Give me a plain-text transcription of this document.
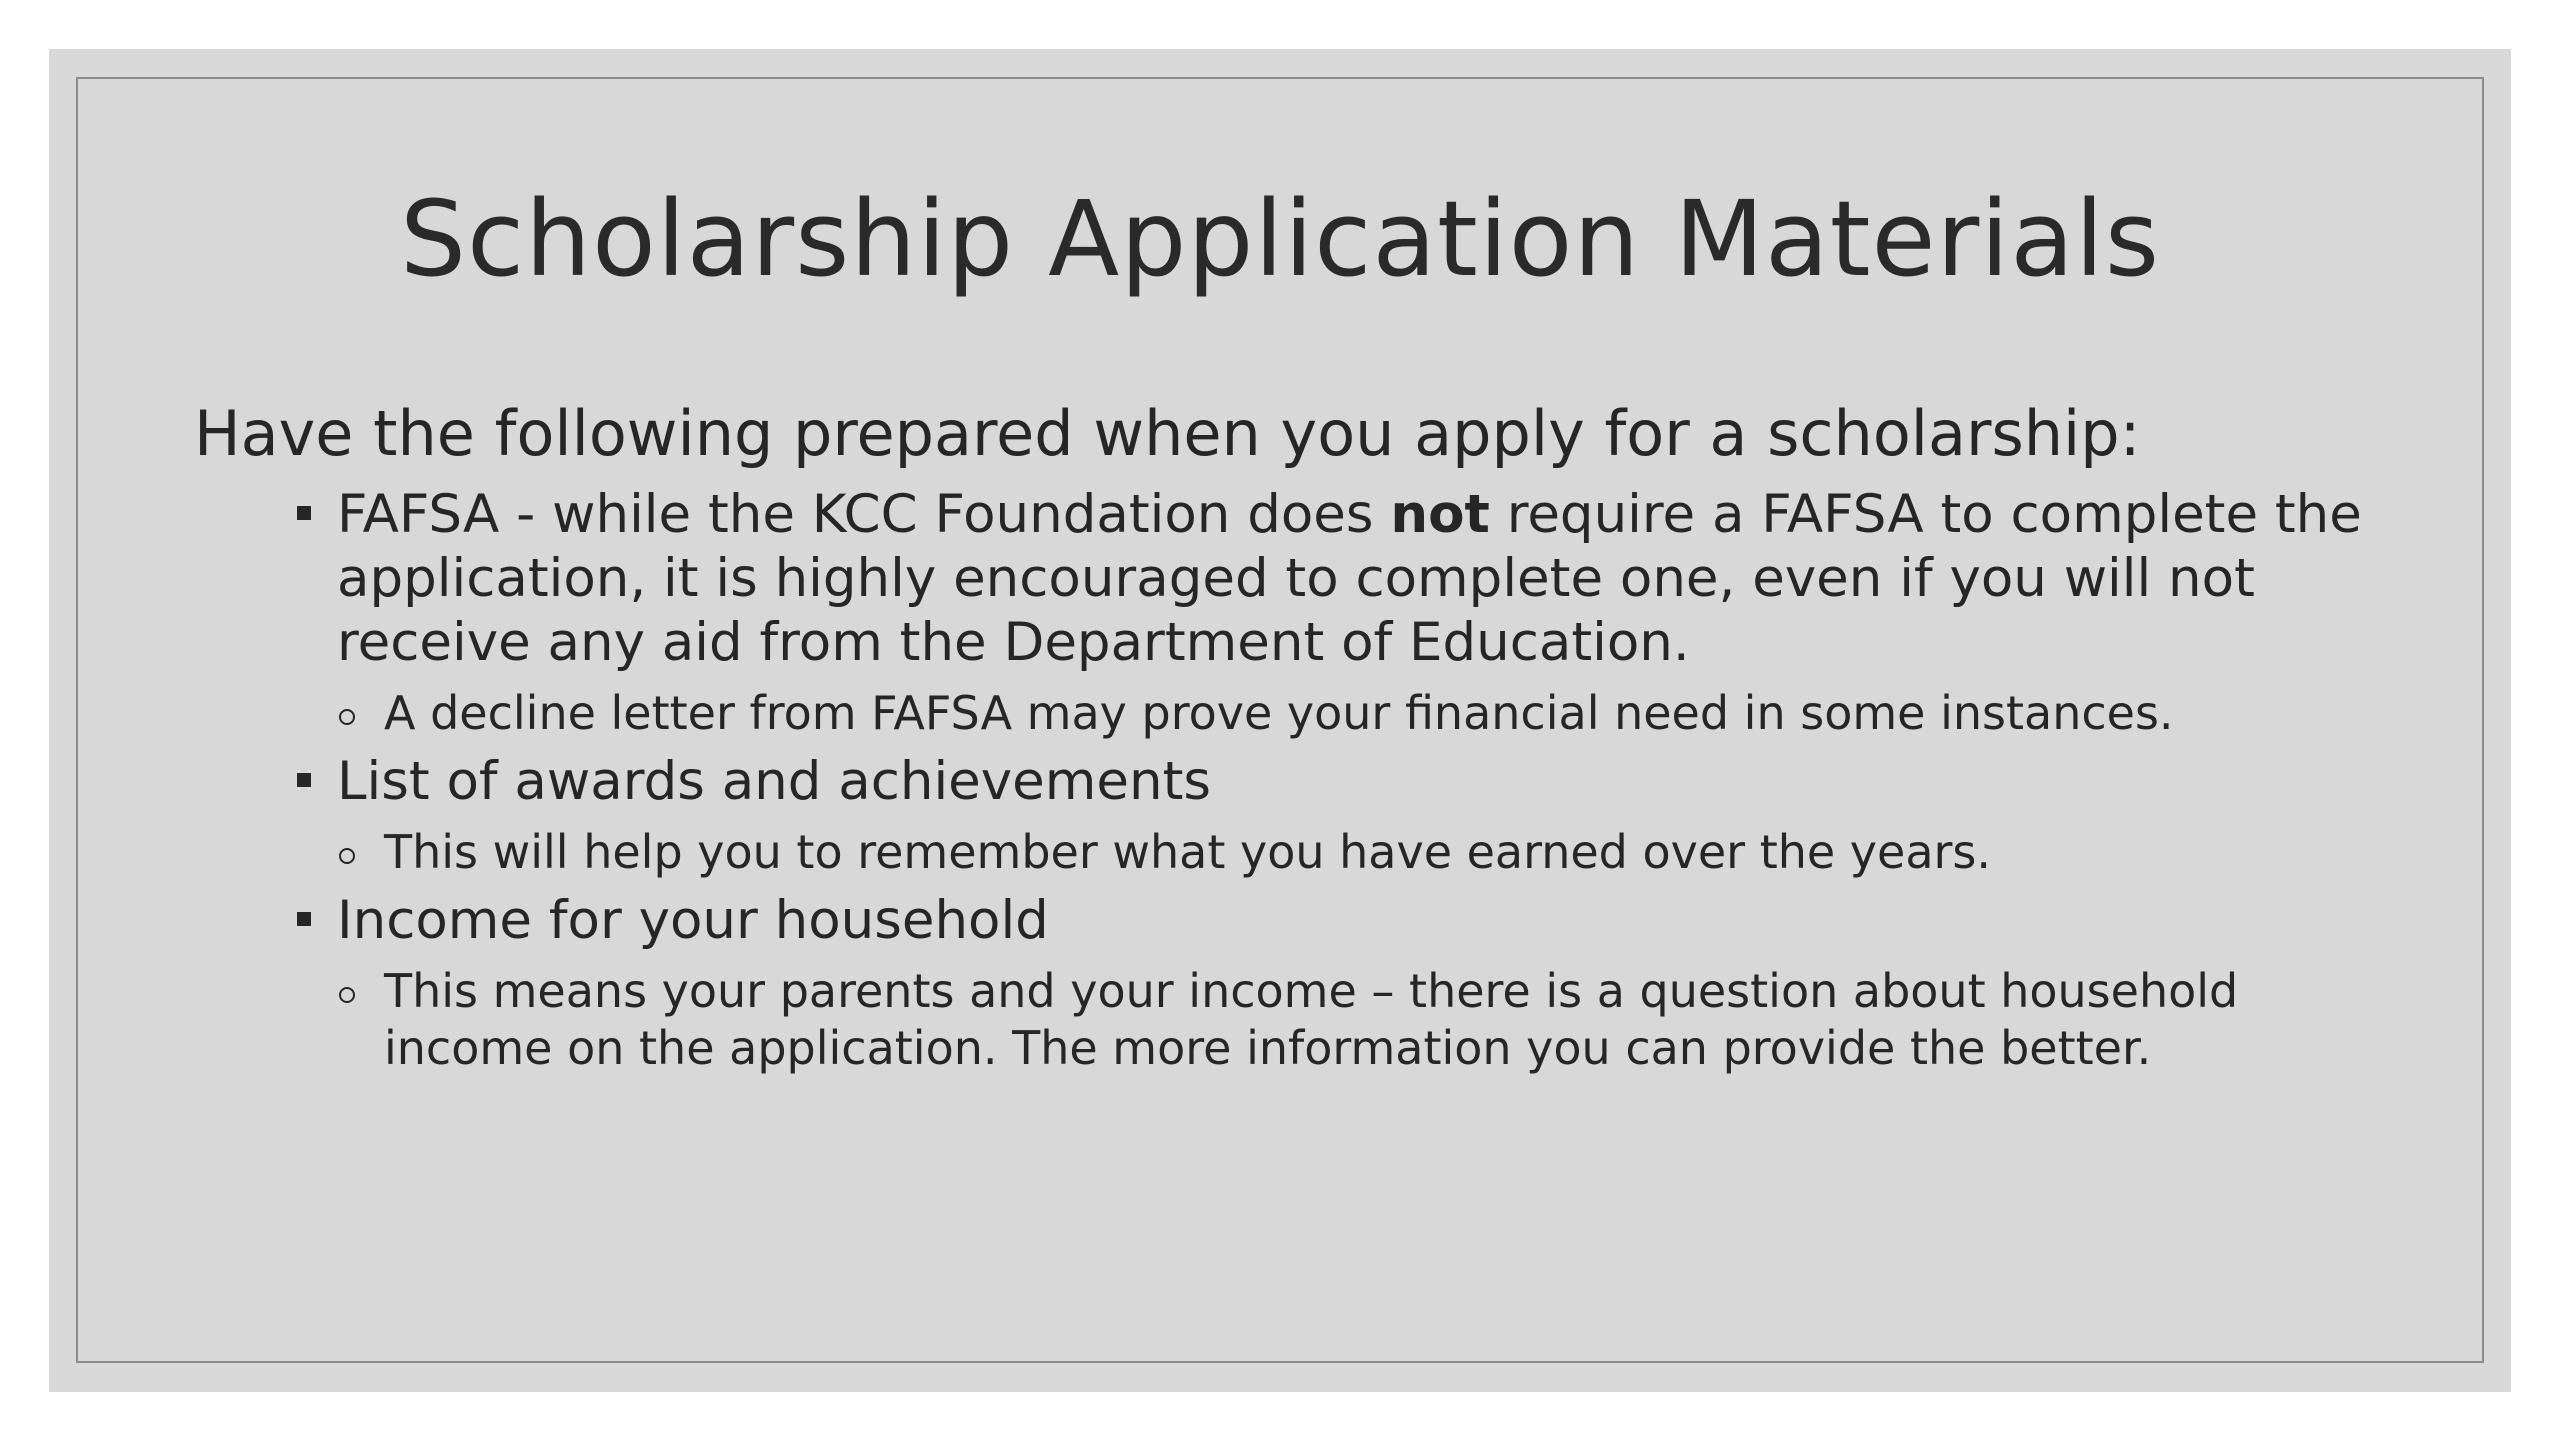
Scholarship Application Materials

Have the following prepared when you apply for a scholarship:

FAFSA - while the KCC Foundation does not require a FAFSA to complete the application, it is highly encouraged to complete one, even if you will not receive any aid from the Department of Education.
A decline letter from FAFSA may prove your financial need in some instances.
List of awards and achievements
This will help you to remember what you have earned over the years.
Income for your household
This means your parents and your income – there is a question about household income on the application. The more information you can provide the better.
